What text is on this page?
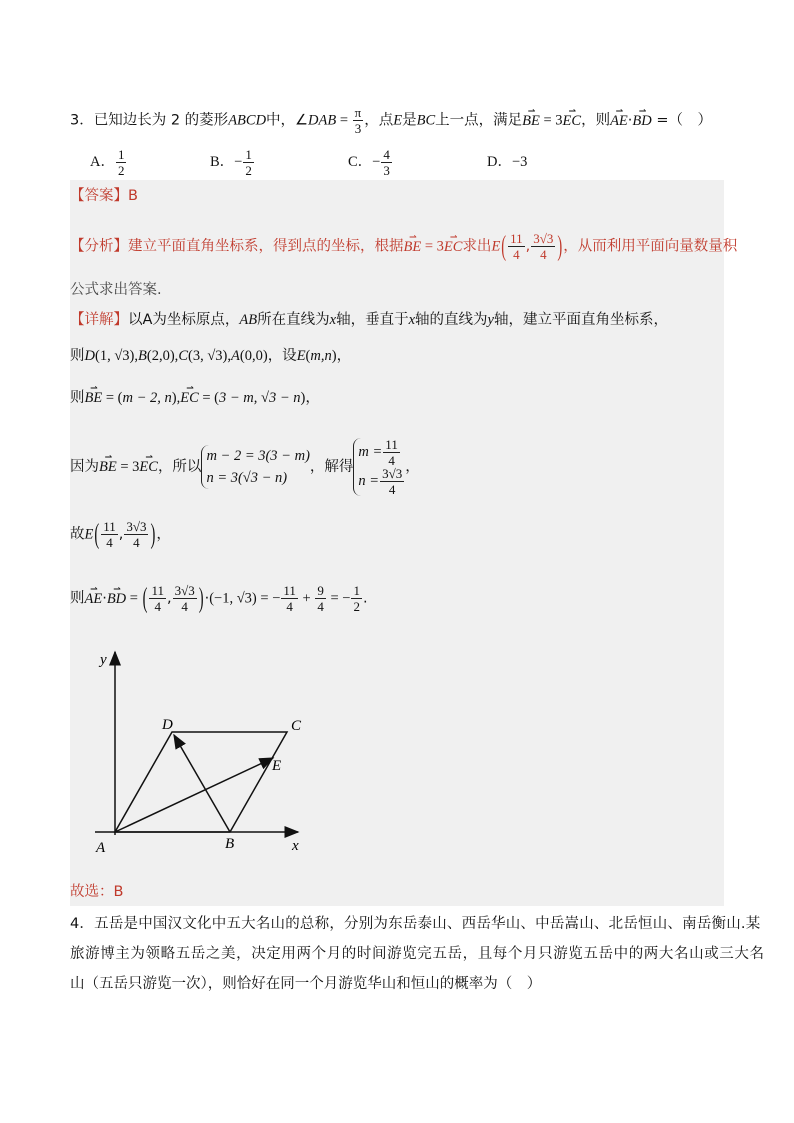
3．已知边长为 2 的菱形ABCD中，∠DAB = $\frac{\pi}{3}$ ，点E是BC上一点，满足⇀ BE = 3⇀ EC，则⇀ AE·⇀ BD =（　）
A． $\frac{1}{2}$	B．− $\frac{1}{2}$	C．− $\frac{4}{3}$	D．−3
【答案】B
【分析】建立平面直角坐标系，得到点的坐标，根据⇀ BE = 3⇀ EC求出$E( \frac{11}{4}$ , $\frac{3√3}{4}$ )，从而利用平面向量数量积
公式求出答案.
【详解】以A为坐标原点，AB所在直线为x轴，垂直于x轴的直线为y轴，建立平面直角坐标系，
则D(1, √3),B(2,0),C(3, √3),A(0,0)，设E(m,n)，
则⇀ BE = (m − 2, n),⇀ EC = (3 − m, √3 − n)，
因为⇀ BE = 3⇀ EC，所以
m − 2 = 3(3 − m)
n = 3(√3 − n)
，解得
$m = \frac{11}{4}$
$n = \frac{3√3}{4}$ ，
故$E( \frac{11}{4}$ , $\frac{3√3}{4}$ )，
则⇀ AE·⇀ BD = ( $\frac{11}{4}$ , $\frac{3√3}{4} )\cdot(-1$, √3) = − $\frac{11}{4} + \frac{9}{4}$ = − $\frac{1}{2}$ .
y
x
A	B
C
D
E
故选：B
4．五岳是中国汉文化中五大名山的总称，分别为东岳泰山、西岳华山、中岳嵩山、北岳恒山、南岳衡山.某
旅游博主为领略五岳之美，决定用两个月的时间游览完五岳，且每个月只游览五岳中的两大名山或三大名
山（五岳只游览一次），则恰好在同一个月游览华山和恒山的概率为（　）
